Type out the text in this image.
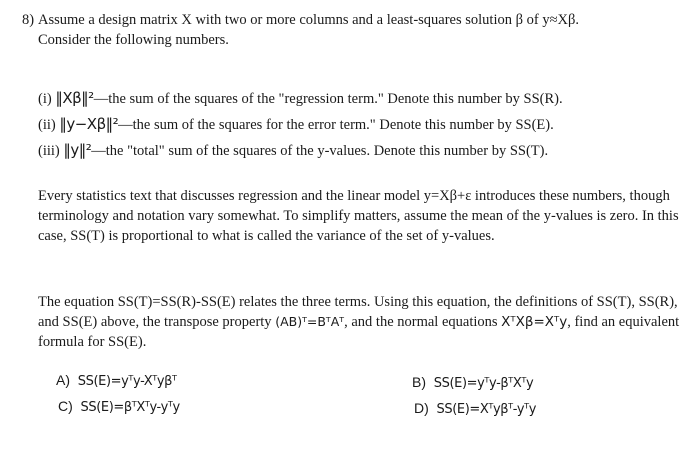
8) Assume a design matrix X with two or more columns and a least-squares solution β of y≈Xβ.
Consider the following numbers.
(i) ‖Xβ‖²—the sum of the squares of the "regression term." Denote this number by SS(R).
(ii) ‖y−Xβ‖²—the sum of the squares for the error term." Denote this number by SS(E).
(iii) ‖y‖²—the "total" sum of the squares of the y-values. Denote this number by SS(T).
Every statistics text that discusses regression and the linear model y=Xβ+ε introduces these numbers, though terminology and notation vary somewhat. To simplify matters, assume the mean of the y-values is zero. In this case, SS(T) is proportional to what is called the variance of the set of y-values.
The equation SS(T)=SS(R)-SS(E) relates the three terms. Using this equation, the definitions of SS(T), SS(R), and SS(E) above, the transpose property (AB)ᵀ=BᵀAᵀ, and the normal equations XᵀXβ=Xᵀy, find an equivalent formula for SS(E).
A) SS(E)=yᵀy-Xᵀyβᵀ	B) SS(E)=yᵀy-βᵀXᵀy
C) SS(E)=βᵀXᵀy-yᵀy	D) SS(E)=Xᵀyβᵀ-yᵀy
